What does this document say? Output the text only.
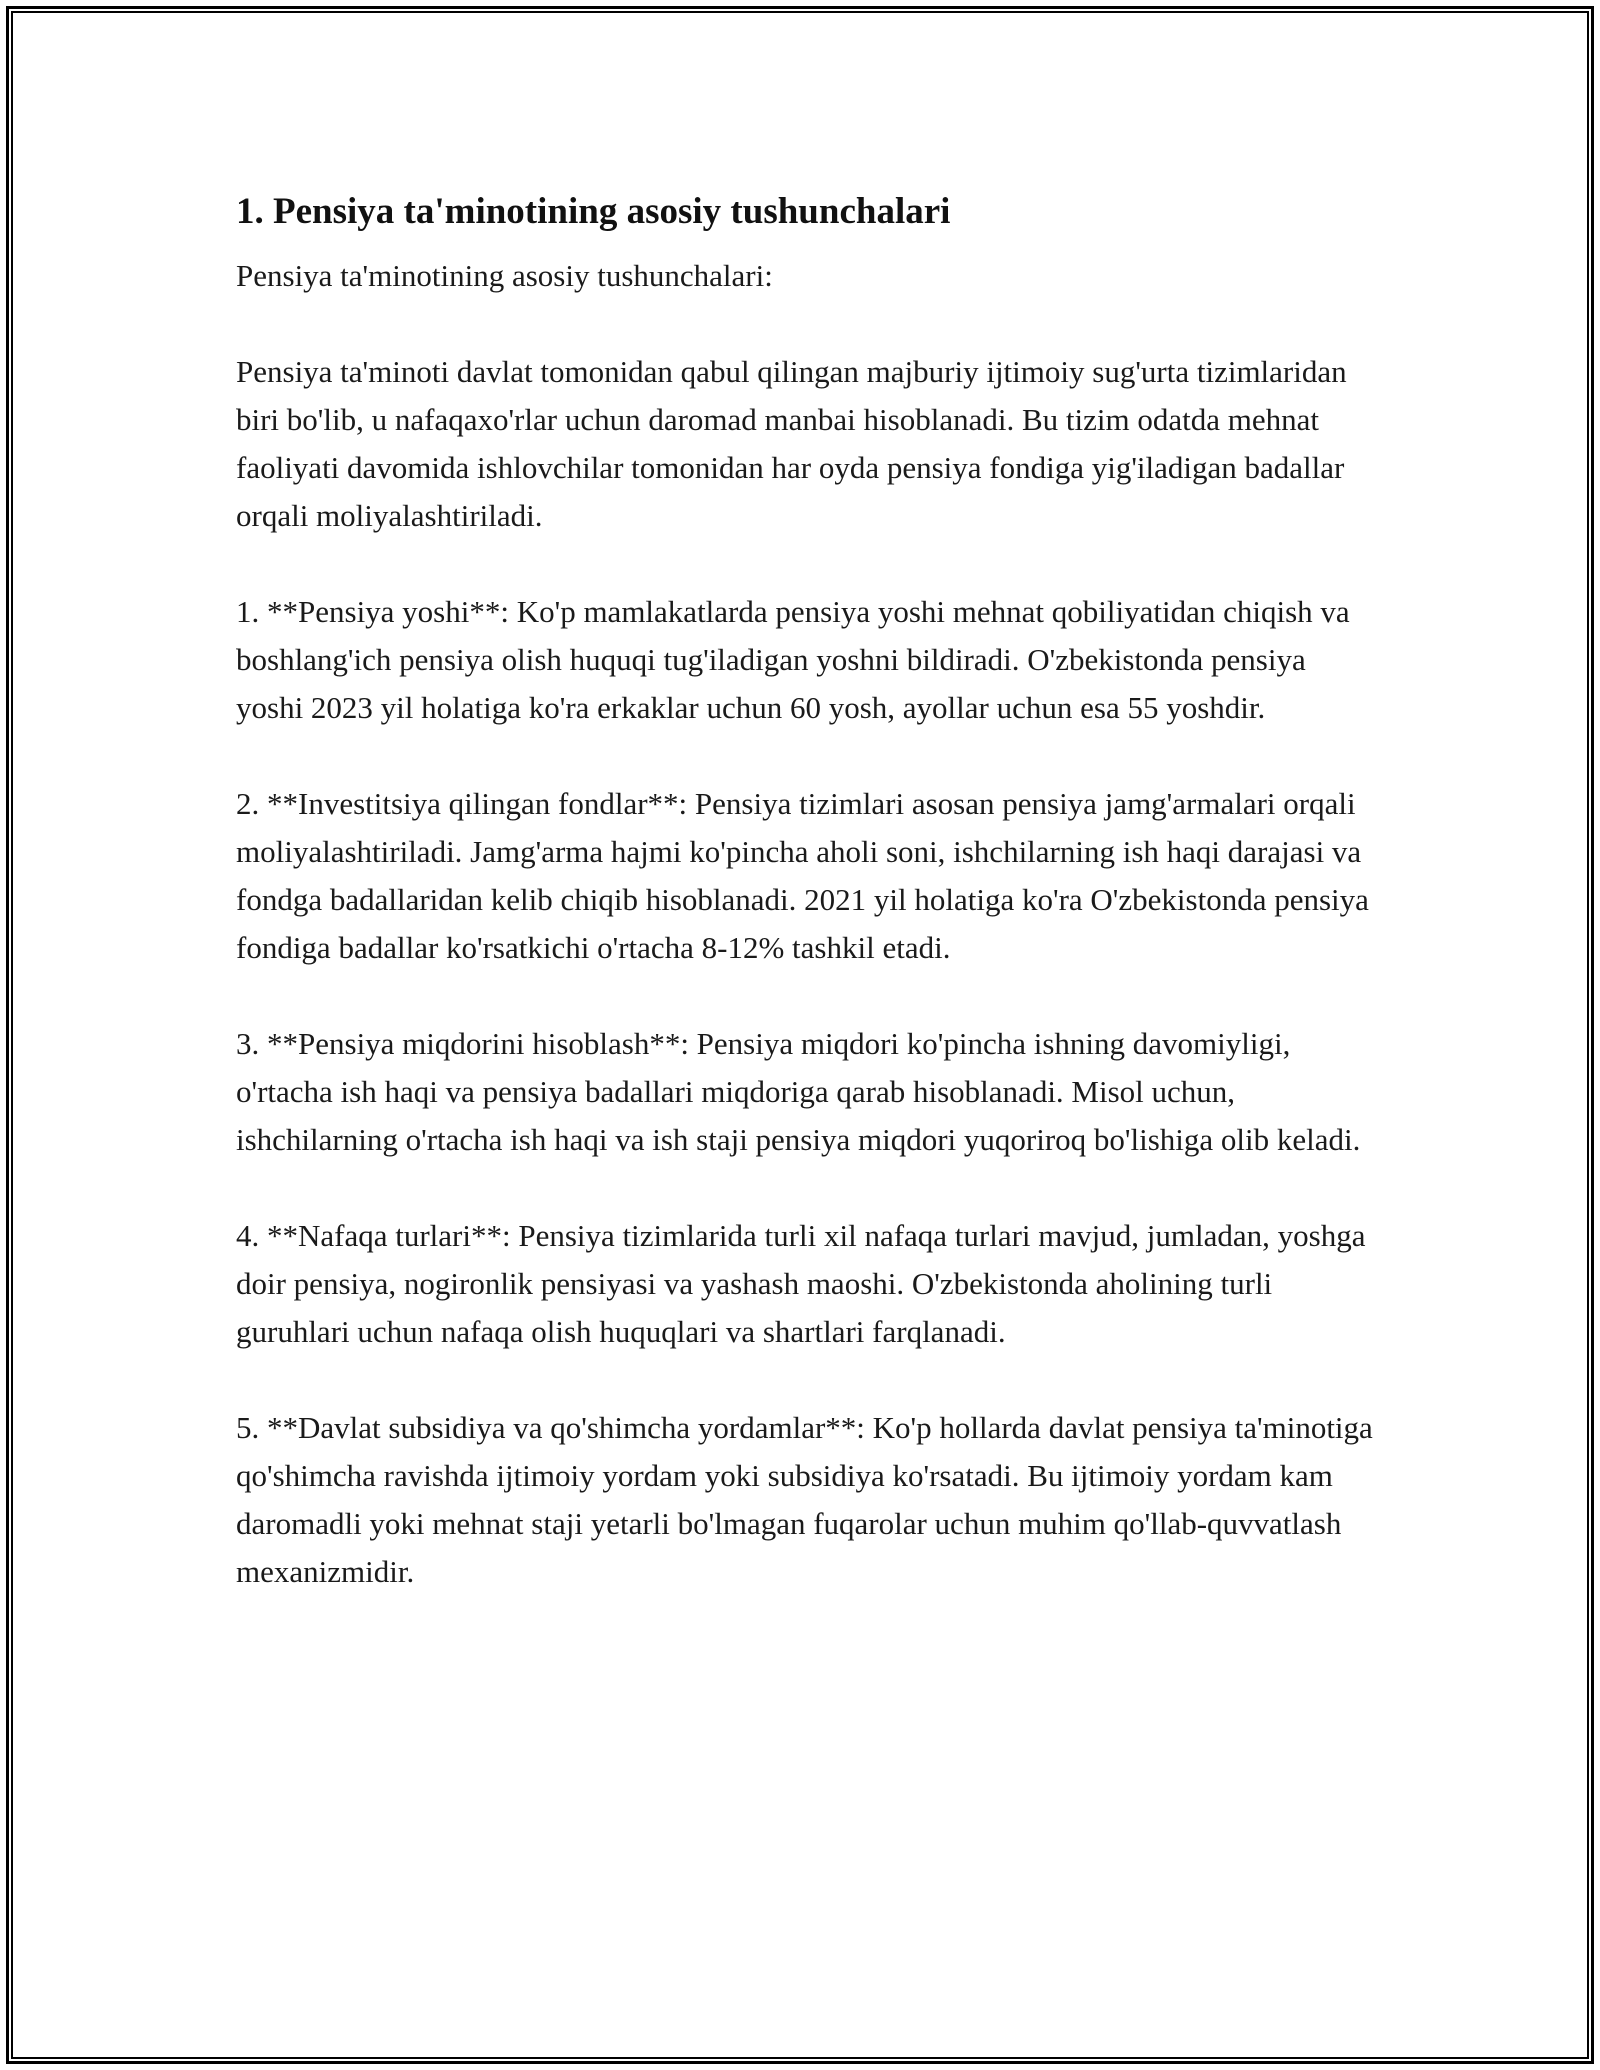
1. Pensiya ta'minotining asosiy tushunchalari

Pensiya ta'minotining asosiy tushunchalari:

Pensiya ta'minoti davlat tomonidan qabul qilingan majburiy ijtimoiy sug'urta tizimlaridan biri bo'lib, u nafaqaxo'rlar uchun daromad manbai hisoblanadi. Bu tizim odatda mehnat faoliyati davomida ishlovchilar tomonidan har oyda pensiya fondiga yig'iladigan badallar orqali moliyalashtiriladi.

1. **Pensiya yoshi**: Ko'p mamlakatlarda pensiya yoshi mehnat qobiliyatidan chiqish va boshlang'ich pensiya olish huquqi tug'iladigan yoshni bildiradi. O'zbekistonda pensiya yoshi 2023 yil holatiga ko'ra erkaklar uchun 60 yosh, ayollar uchun esa 55 yoshdir.

2. **Investitsiya qilingan fondlar**: Pensiya tizimlari asosan pensiya jamg'armalari orqali moliyalashtiriladi. Jamg'arma hajmi ko'pincha aholi soni, ishchilarning ish haqi darajasi va fondga badallaridan kelib chiqib hisoblanadi. 2021 yil holatiga ko'ra O'zbekistonda pensiya fondiga badallar ko'rsatkichi o'rtacha 8-12% tashkil etadi.

3. **Pensiya miqdorini hisoblash**: Pensiya miqdori ko'pincha ishning davomiyligi, o'rtacha ish haqi va pensiya badallari miqdoriga qarab hisoblanadi. Misol uchun, ishchilarning o'rtacha ish haqi va ish staji pensiya miqdori yuqoriroq bo'lishiga olib keladi.

4. **Nafaqa turlari**: Pensiya tizimlarida turli xil nafaqa turlari mavjud, jumladan, yoshga doir pensiya, nogironlik pensiyasi va yashash maoshi. O'zbekistonda aholining turli guruhlari uchun nafaqa olish huquqlari va shartlari farqlanadi.

5. **Davlat subsidiya va qo'shimcha yordamlar**: Ko'p hollarda davlat pensiya ta'minotiga qo'shimcha ravishda ijtimoiy yordam yoki subsidiya ko'rsatadi. Bu ijtimoiy yordam kam daromadli yoki mehnat staji yetarli bo'lmagan fuqarolar uchun muhim qo'llab-quvvatlash mexanizmidir.
